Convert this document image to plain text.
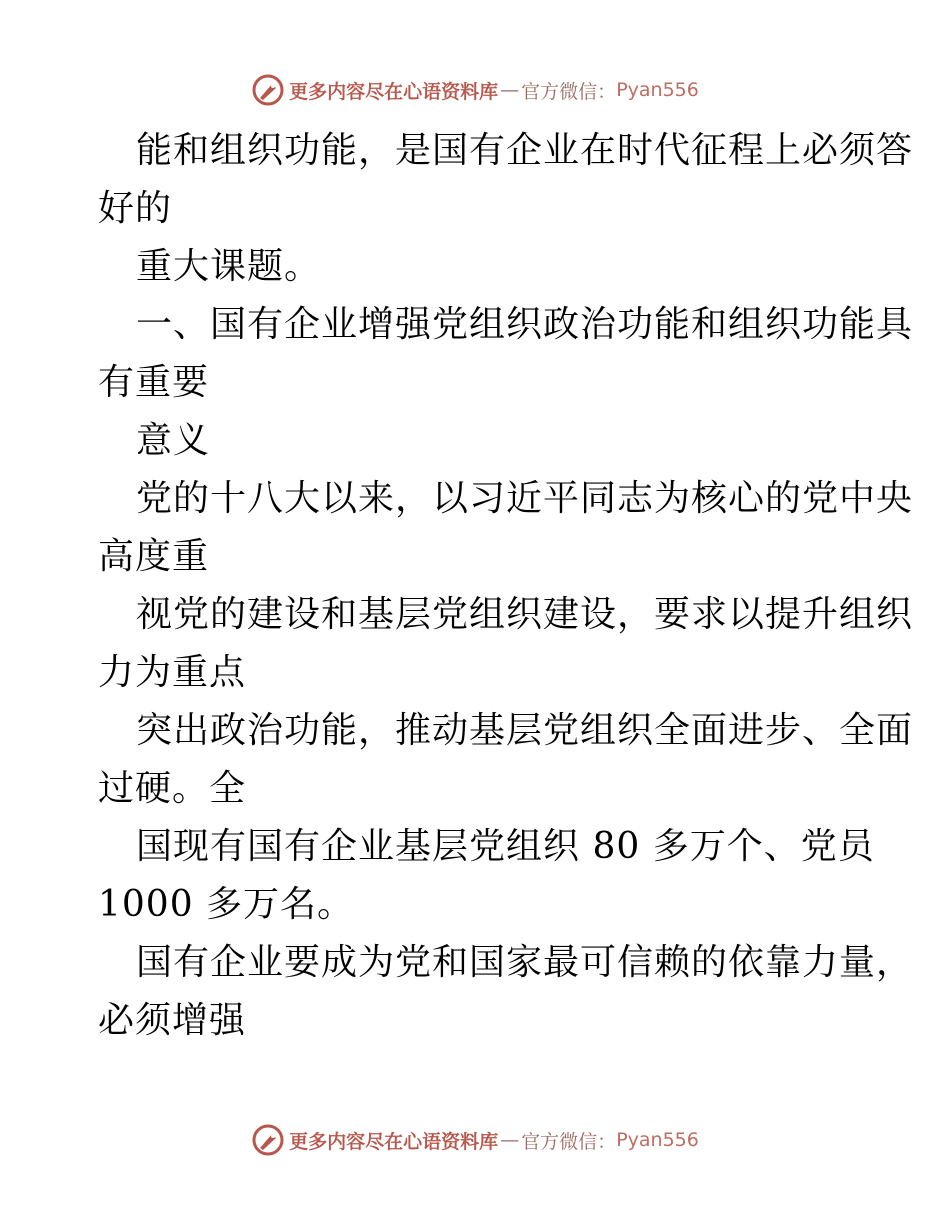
更多内容尽在心语资料库 — 官方微信： Pyan556
能和组织功能，是国有企业在时代征程上必须答
好的
重大课题。
一、国有企业增强党组织政治功能和组织功能具
有重要
意义
党的十八大以来，以习近平同志为核心的党中央
高度重
视党的建设和基层党组织建设，要求以提升组织
力为重点
突出政治功能，推动基层党组织全面进步、全面
过硬。全
国现有国有企业基层党组织 80 多万个、党员
1000 多万名。
国有企业要成为党和国家最可信赖的依靠力量，
必须增强
更多内容尽在心语资料库 — 官方微信： Pyan556
